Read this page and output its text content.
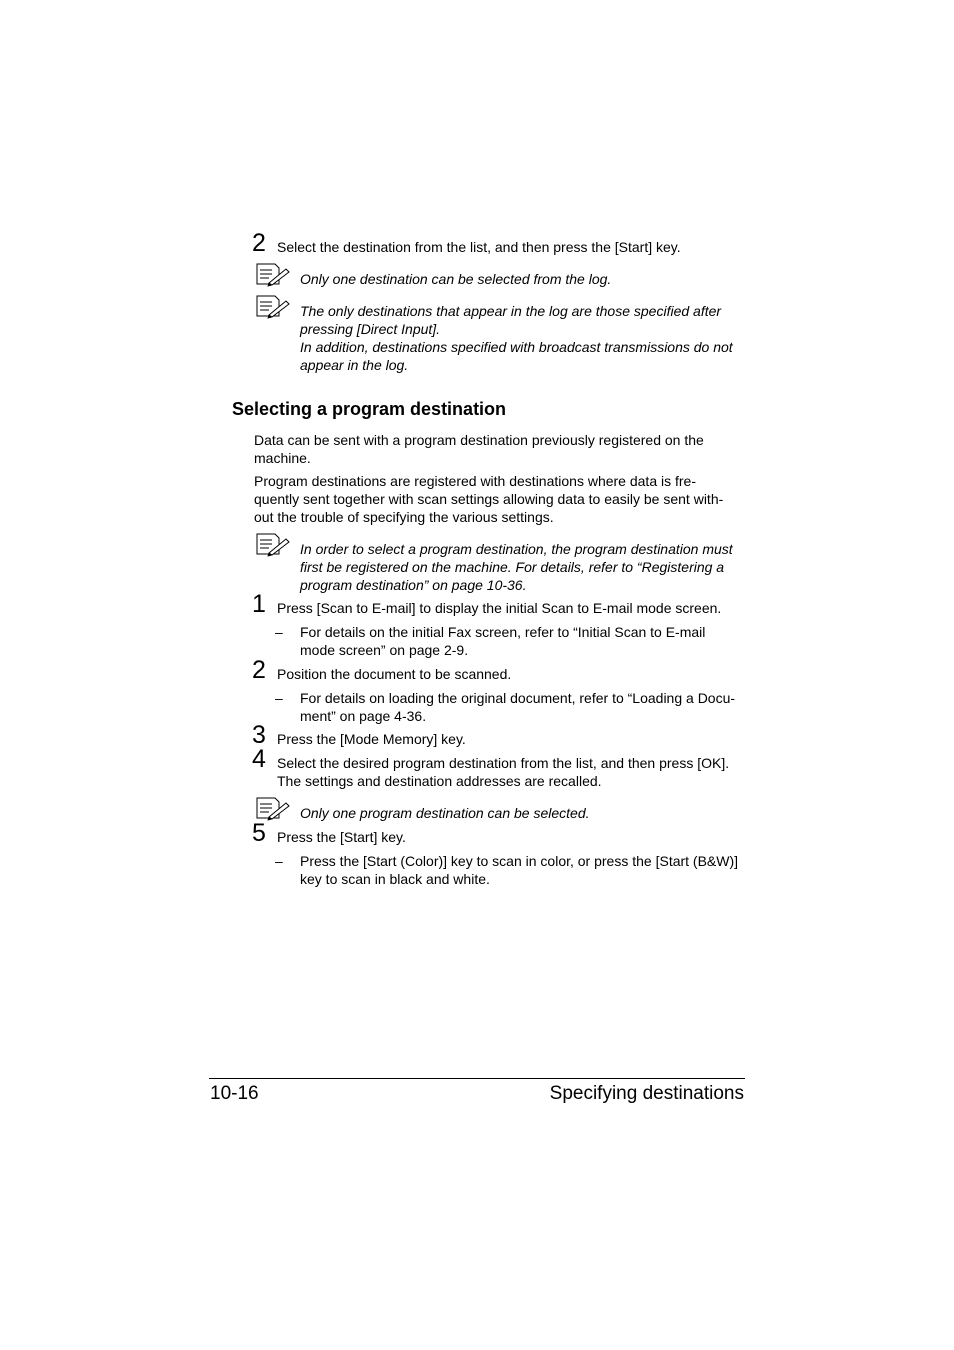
2 Select the destination from the list, and then press the [Start] key.
Only one destination can be selected from the log.
The only destinations that appear in the log are those specified after
pressing [Direct Input].
In addition, destinations specified with broadcast transmissions do not
appear in the log.
Selecting a program destination
Data can be sent with a program destination previously registered on the
machine.
Program destinations are registered with destinations where data is fre-
quently sent together with scan settings allowing data to easily be sent with-
out the trouble of specifying the various settings.
In order to select a program destination, the program destination must
first be registered on the machine. For details, refer to “Registering a
program destination” on page 10-36.
1 Press [Scan to E-mail] to display the initial Scan to E-mail mode screen.
– For details on the initial Fax screen, refer to “Initial Scan to E-mail
mode screen” on page 2-9.
2 Position the document to be scanned.
– For details on loading the original document, refer to “Loading a Docu-
ment” on page 4-36.
3 Press the [Mode Memory] key.
4 Select the desired program destination from the list, and then press [OK].
The settings and destination addresses are recalled.
Only one program destination can be selected.
5 Press the [Start] key.
– Press the [Start (Color)] key to scan in color, or press the [Start (B&W)]
key to scan in black and white.
10-16	Specifying destinations
